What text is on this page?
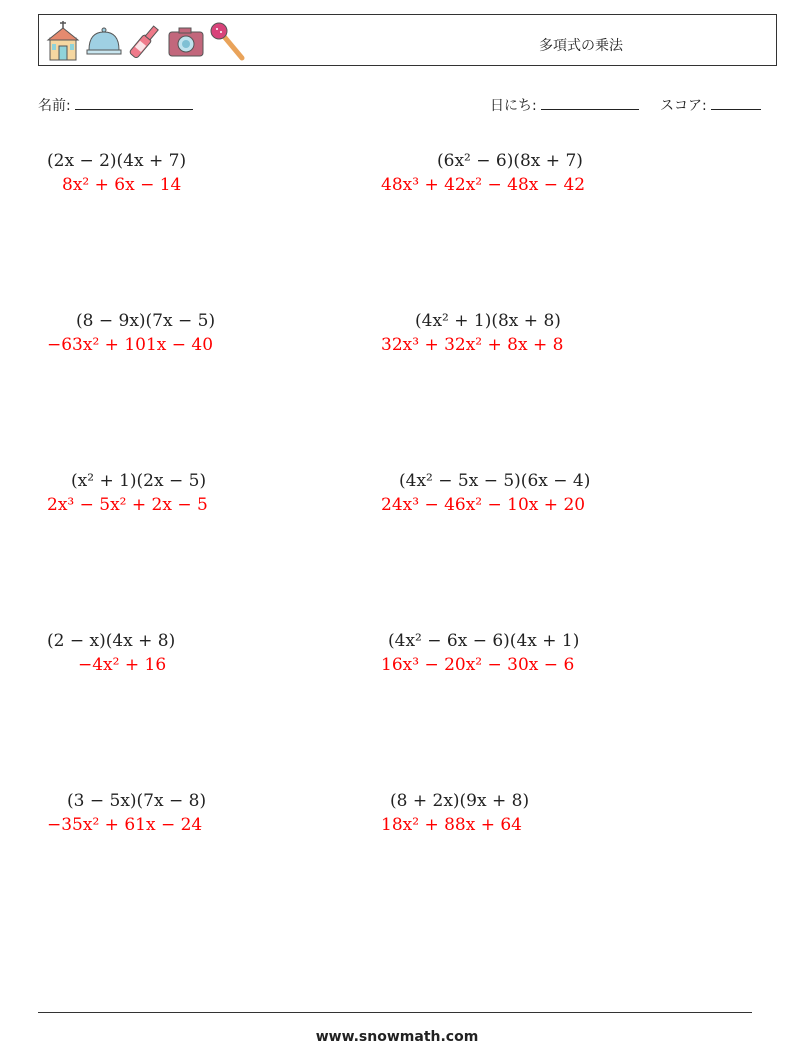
多項式の乗法
名前:	日にち:	スコア:
(2x − 2)(4x + 7)
8x² + 6x − 14
(6x² − 6)(8x + 7)
48x³ + 42x² − 48x − 42
(8 − 9x)(7x − 5)
−63x² + 101x − 40
(4x² + 1)(8x + 8)
32x³ + 32x² + 8x + 8
(x² + 1)(2x − 5)
2x³ − 5x² + 2x − 5
(4x² − 5x − 5)(6x − 4)
24x³ − 46x² − 10x + 20
(2 − x)(4x + 8)
−4x² + 16
(4x² − 6x − 6)(4x + 1)
16x³ − 20x² − 30x − 6
(3 − 5x)(7x − 8)
−35x² + 61x − 24
(8 + 2x)(9x + 8)
18x² + 88x + 64
www.snowmath.com
